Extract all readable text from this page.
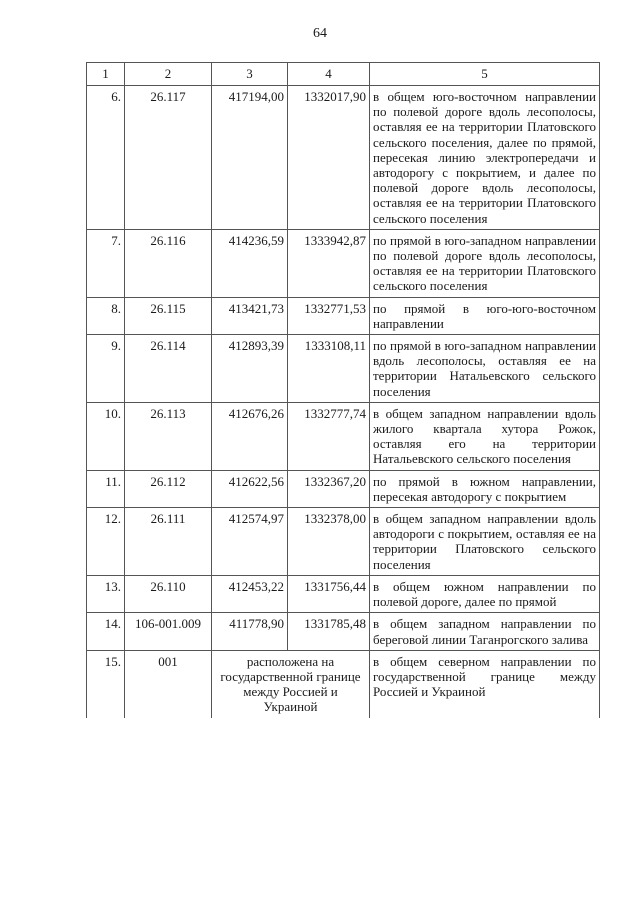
64
1	2	3	4	5
6.	26.117	417194,00	1332017,90	в общем юго-восточном направлении по полевой дороге вдоль лесополосы, оставляя ее на территории Платовского сельского поселения, далее по прямой, пересекая линию электропередачи и автодорогу с покрытием, и далее по полевой дороге вдоль лесополосы, оставляя ее на территории Платовского сельского поселения
7.	26.116	414236,59	1333942,87	по прямой в юго-западном направлении по полевой дороге вдоль лесополосы, оставляя ее на территории Платовского сельского поселения
8.	26.115	413421,73	1332771,53	по прямой в юго-юго-восточном направлении
9.	26.114	412893,39	1333108,11	по прямой в юго-западном направлении вдоль лесополосы, оставляя ее на территории Натальевского сельского поселения
10.	26.113	412676,26	1332777,74	в общем западном направлении вдоль жилого квартала хутора Рожок, оставляя его на территории Натальевского сельского поселения
11.	26.112	412622,56	1332367,20	по прямой в южном направлении, пересекая автодорогу с покрытием
12.	26.111	412574,97	1332378,00	в общем западном направлении вдоль автодороги с покрытием, оставляя ее на территории Платовского сельского поселения
13.	26.110	412453,22	1331756,44	в общем южном направлении по полевой дороге, далее по прямой
14.	106-001.009	411778,90	1331785,48	в общем западном направлении по береговой линии Таганрогского залива
15.	001	расположена на государственной границе между Россией и Украиной		в общем северном направлении по государственной границе между Россией и Украиной
